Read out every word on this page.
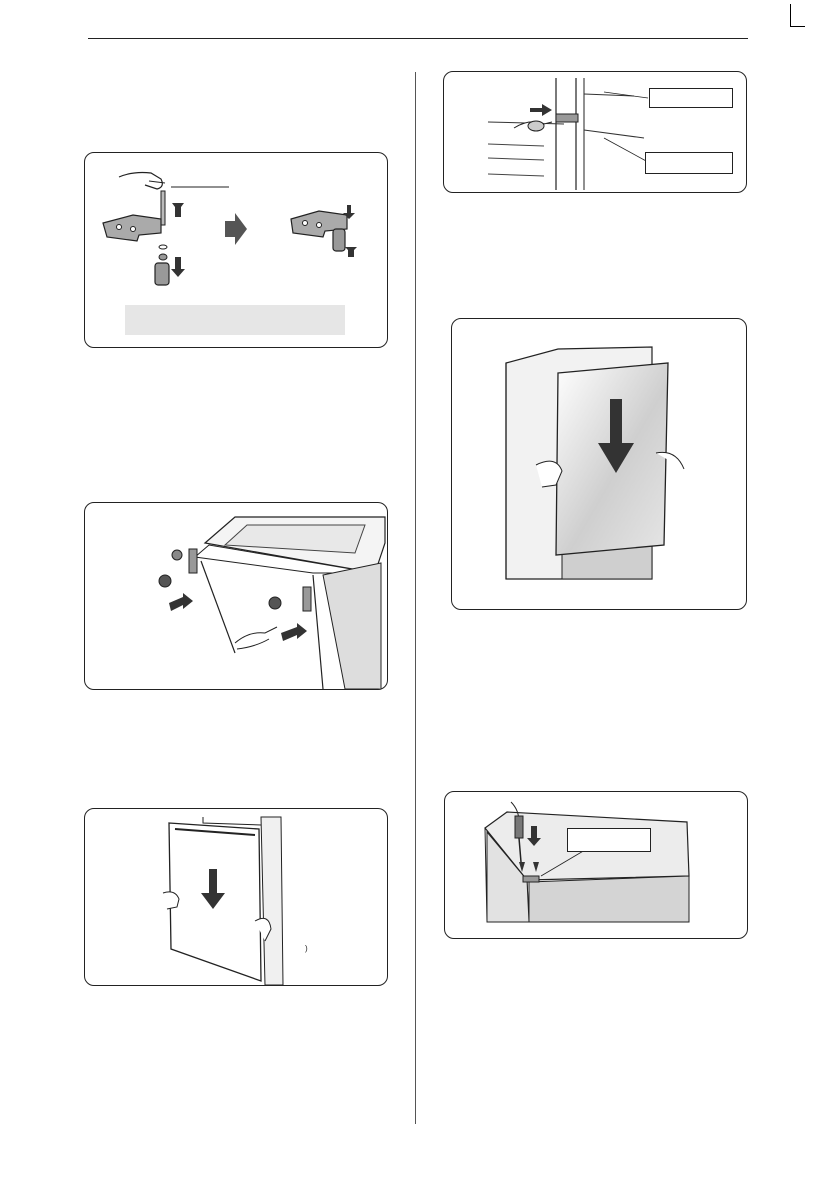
)
